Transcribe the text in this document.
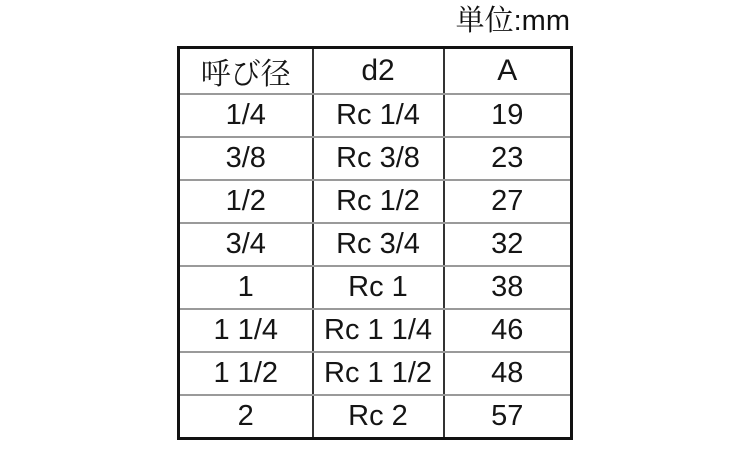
単位:mm
呼び径	d2	A
1/4	Rc 1/4	19
3/8	Rc 3/8	23
1/2	Rc 1/2	27
3/4	Rc 3/4	32
1	Rc 1	38
1 1/4	Rc 1 1/4	46
1 1/2	Rc 1 1/2	48
2	Rc 2	57
